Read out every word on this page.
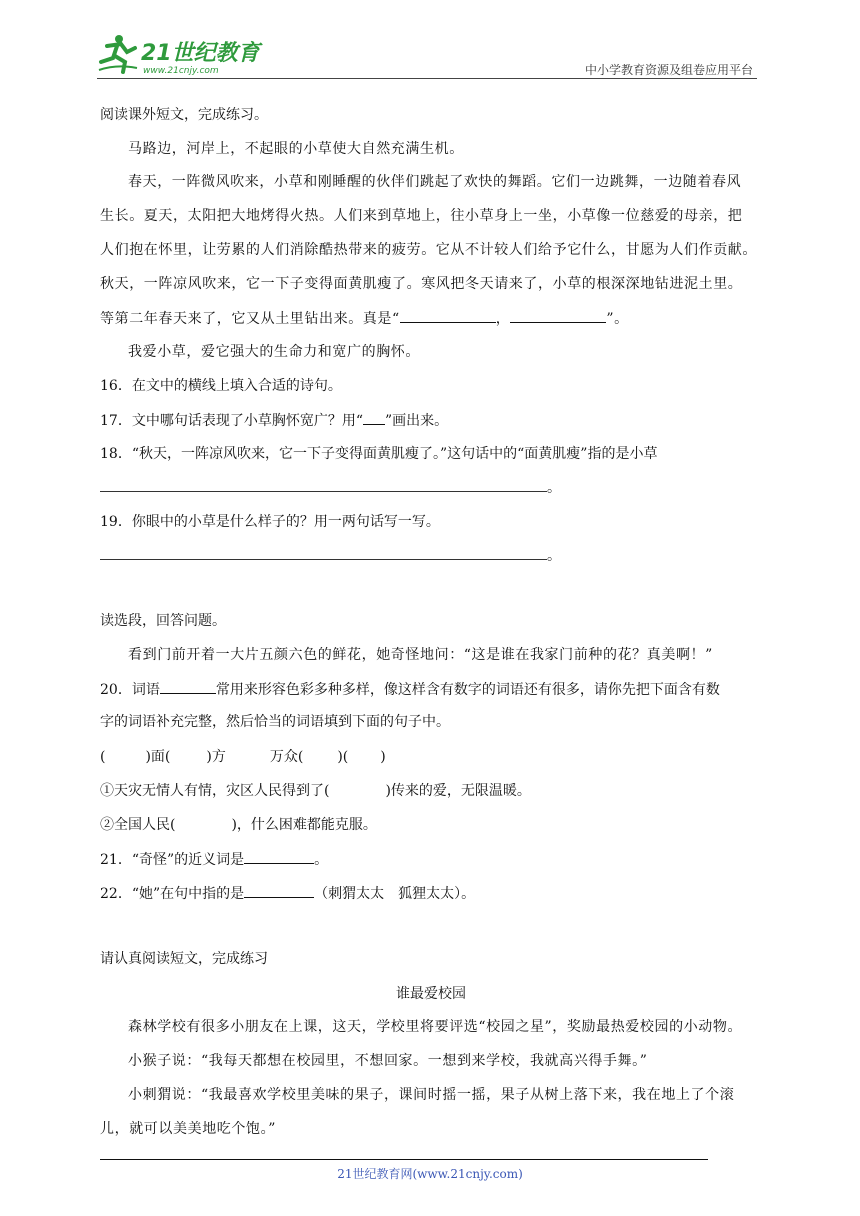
21世纪教育
www.21cnjy.com	中小学教育资源及组卷应用平台
阅读课外短文，完成练习。
马路边，河岸上，不起眼的小草使大自然充满生机。
春天，一阵微风吹来，小草和刚睡醒的伙伴们跳起了欢快的舞蹈。它们一边跳舞，一边随着春风
生长。夏天，太阳把大地烤得火热。人们来到草地上，往小草身上一坐，小草像一位慈爱的母亲，把
人们抱在怀里，让劳累的人们消除酷热带来的疲劳。它从不计较人们给予它什么，甘愿为人们作贡献。
秋天，一阵凉风吹来，它一下子变得面黄肌瘦了。寒风把冬天请来了，小草的根深深地钻进泥土里。
等第二年春天来了，它又从土里钻出来。真是“	，	”。
我爱小草，爱它强大的生命力和宽广的胸怀。
16．在文中的横线上填入合适的诗句。
17．文中哪句话表现了小草胸怀宽广？用“ ”画出来。
18．“秋天，一阵凉风吹来，它一下子变得面黄肌瘦了。”这句话中的“面黄肌瘦”指的是小草
。
19．你眼中的小草是什么样子的？用一两句话写一写。
。
读选段，回答问题。
看到门前开着一大片五颜六色的鲜花，她奇怪地问：“这是谁在我家门前种的花？真美啊！”
20．词语	常用来形容色彩多种多样，像这样含有数字的词语还有很多，请你先把下面含有数
字的词语补充完整，然后恰当的词语填到下面的句子中。
(	)面(	)方	万众( )( )
①天灾无情人有情，灾区人民得到了(	)传来的爱，无限温暖。
②全国人民(	)，什么困难都能克服。
21．“奇怪”的近义词是	。
22．“她”在句中指的是	（刺猬太太　狐狸太太）。
请认真阅读短文，完成练习
谁最爱校园
森林学校有很多小朋友在上课，这天，学校里将要评选“校园之星”，奖励最热爱校园的小动物。
小猴子说：“我每天都想在校园里，不想回家。一想到来学校，我就高兴得手舞。”
小刺猬说：“我最喜欢学校里美味的果子，课间时摇一摇，果子从树上落下来，我在地上了个滚
儿，就可以美美地吃个饱。”
21世纪教育网(www.21cnjy.com)
